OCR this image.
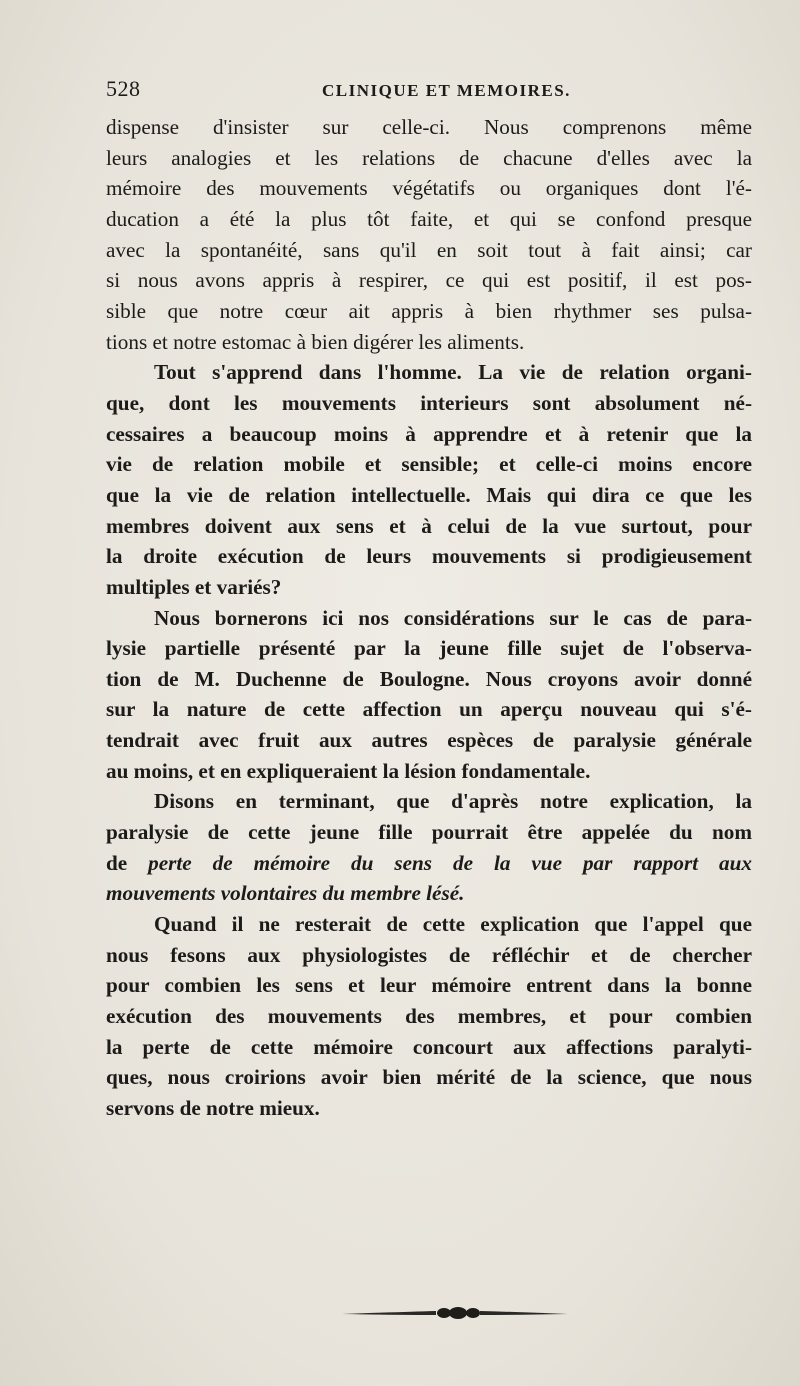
528	CLINIQUE ET MEMOIRES.
dispense d'insister sur celle-ci. Nous comprenons même
leurs analogies et les relations de chacune d'elles avec la
mémoire des mouvements végétatifs ou organiques dont l'é-
ducation a été la plus tôt faite, et qui se confond presque
avec la spontanéité, sans qu'il en soit tout à fait ainsi; car
si nous avons appris à respirer, ce qui est positif, il est pos-
sible que notre cœur ait appris à bien rhythmer ses pulsa-
tions et notre estomac à bien digérer les aliments.
Tout s'apprend dans l'homme. La vie de relation organi-
que, dont les mouvements interieurs sont absolument né-
cessaires a beaucoup moins à apprendre et à retenir que la
vie de relation mobile et sensible; et celle-ci moins encore
que la vie de relation intellectuelle. Mais qui dira ce que les
membres doivent aux sens et à celui de la vue surtout, pour
la droite exécution de leurs mouvements si prodigieusement
multiples et variés?
Nous bornerons ici nos considérations sur le cas de para-
lysie partielle présenté par la jeune fille sujet de l'observa-
tion de M. Duchenne de Boulogne. Nous croyons avoir donné
sur la nature de cette affection un aperçu nouveau qui s'é-
tendrait avec fruit aux autres espèces de paralysie générale
au moins, et en expliqueraient la lésion fondamentale.
Disons en terminant, que d'après notre explication, la
paralysie de cette jeune fille pourrait être appelée du nom
de perte de mémoire du sens de la vue par rapport aux
mouvements volontaires du membre lésé.
Quand il ne resterait de cette explication que l'appel que
nous fesons aux physiologistes de réfléchir et de chercher
pour combien les sens et leur mémoire entrent dans la bonne
exécution des mouvements des membres, et pour combien
la perte de cette mémoire concourt aux affections paralyti-
ques, nous croirions avoir bien mérité de la science, que nous
servons de notre mieux.
